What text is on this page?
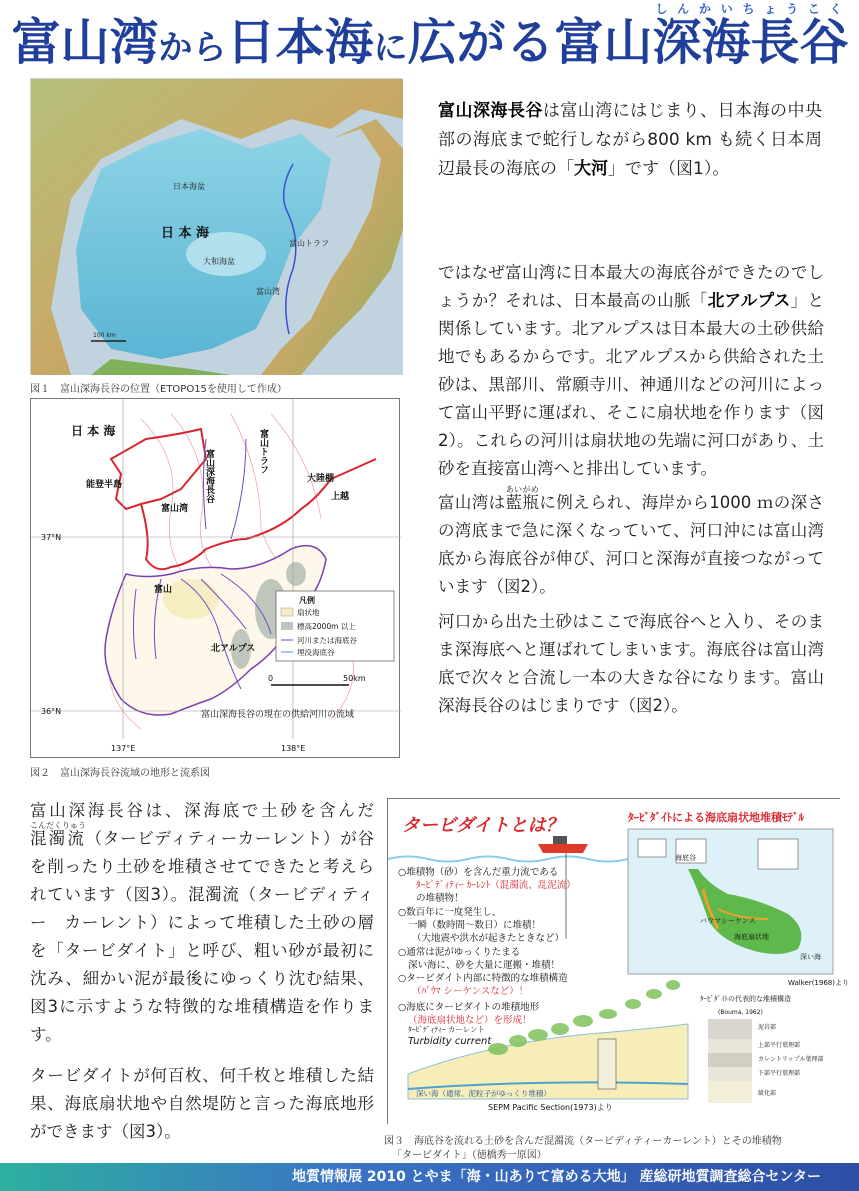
富山湾から日本海に広がる富山深海長谷しんかいちょうこく
日本海盆
日 本 海
大和海盆
富山トラフ
富山湾
100 km
図１　富山深海長谷の位置（ETOPO15を使用して作成）
日 本 海
富山深海長谷	富山トラフ
能登半島
富山湾
大陸棚
上越
富山
北アルプス
37°N
36°N
137°E	138°E
富山深海長谷の現在の供給河川の流域
凡例
扇状地
標高2000m 以上
河川または海底谷
埋没海底谷
0	50km
図２　富山深海長谷流域の地形と流系図

富山深海長谷は富山湾にはじまり、日本海の中央部の海底まで蛇行しながら800 km も続く日本周辺最長の海底の「大河」です（図1）。

ではなぜ富山湾に日本最大の海底谷ができたのでしょうか？それは、日本最高の山脈「北アルプス」と関係しています。北アルプスは日本最大の土砂供給地でもあるからです。北アルプスから供給された土砂は、黒部川、常願寺川、神通川などの河川によって富山平野に運ばれ、そこに扇状地を作ります（図2）。これらの河川は扇状地の先端に河口があり、土砂を直接富山湾へと排出しています。

富山湾は藍瓶あいがめに例えられ、海岸から1000 ｍの深さの湾底まで急に深くなっていて、河口沖には富山湾底から海底谷が伸び、河口と深海が直接つながっています（図2）。

河口から出た土砂はここで海底谷へと入り、そのまま深海底へと運ばれてしまいます。海底谷は富山湾底で次々と合流し一本の大きな谷になります。富山深海長谷のはじまりです（図2）。

富山深海長谷は、深海底で土砂を含んだ混濁流こんだくりゅう（タービディティーカーレント）が谷を削ったり土砂を堆積させてできたと考えられています（図3）。混濁流（タービディティー　カーレント）によって堆積した土砂の層を「タービダイト」と呼び、粗い砂が最初に沈み、細かい泥が最後にゆっくり沈む結果、図3に示すような特徴的な堆積構造を作ります。

タービダイトが何百枚、何千枚と堆積した結果、海底扇状地や自然堤防と言った海底地形ができます（図3）。

タービダイトとは？	ﾀｰﾋﾞﾀﾞｲﾄによる海底扇状地堆積ﾓﾃﾞﾙ
○堆積物（砂）を含んだ重力流である
ﾀｰﾋﾞﾃﾞｨﾃｨｰ ｶｰﾚﾝﾄ（混濁流、乱泥流）
の堆積物！
○数百年に一度発生し、
一瞬（数時間〜数日）に堆積！
（大地震や洪水が起きたときなど）
○通常は泥がゆっくりたまる
深い海に、砂を大量に運搬・堆積！
○タービダイト内部に特徴的な堆積構造
（ﾊﾞｳﾏ シーケンスなど）！
○海底にタービダイトの堆積地形
（海底扇状地など）を形成！
海底谷
バウマシーケンス
海底扇状地
深い海
Walker(1968)より
ﾀｰﾋﾞﾀﾞｲﾄの代表的な堆積構造
(Bouma, 1962)
泥岩部
上部平行葉理部
カレントリップル葉理部
下部平行葉理部
級化部
ﾀｰﾋﾞﾃﾞｨﾃｨｰ カーレント
Turbidity current
深い海（通常、泥粒子がゆっくり堆積）
SEPM Pacific Section(1973)より
図３　海底谷を流れる土砂を含んだ混濁流（タービディティーカーレント）とその堆積物
「タービダイト」（徳橋秀一原図）
地質情報展 2010 とやま「海・山ありて富める大地」 産総研地質調査総合センター
